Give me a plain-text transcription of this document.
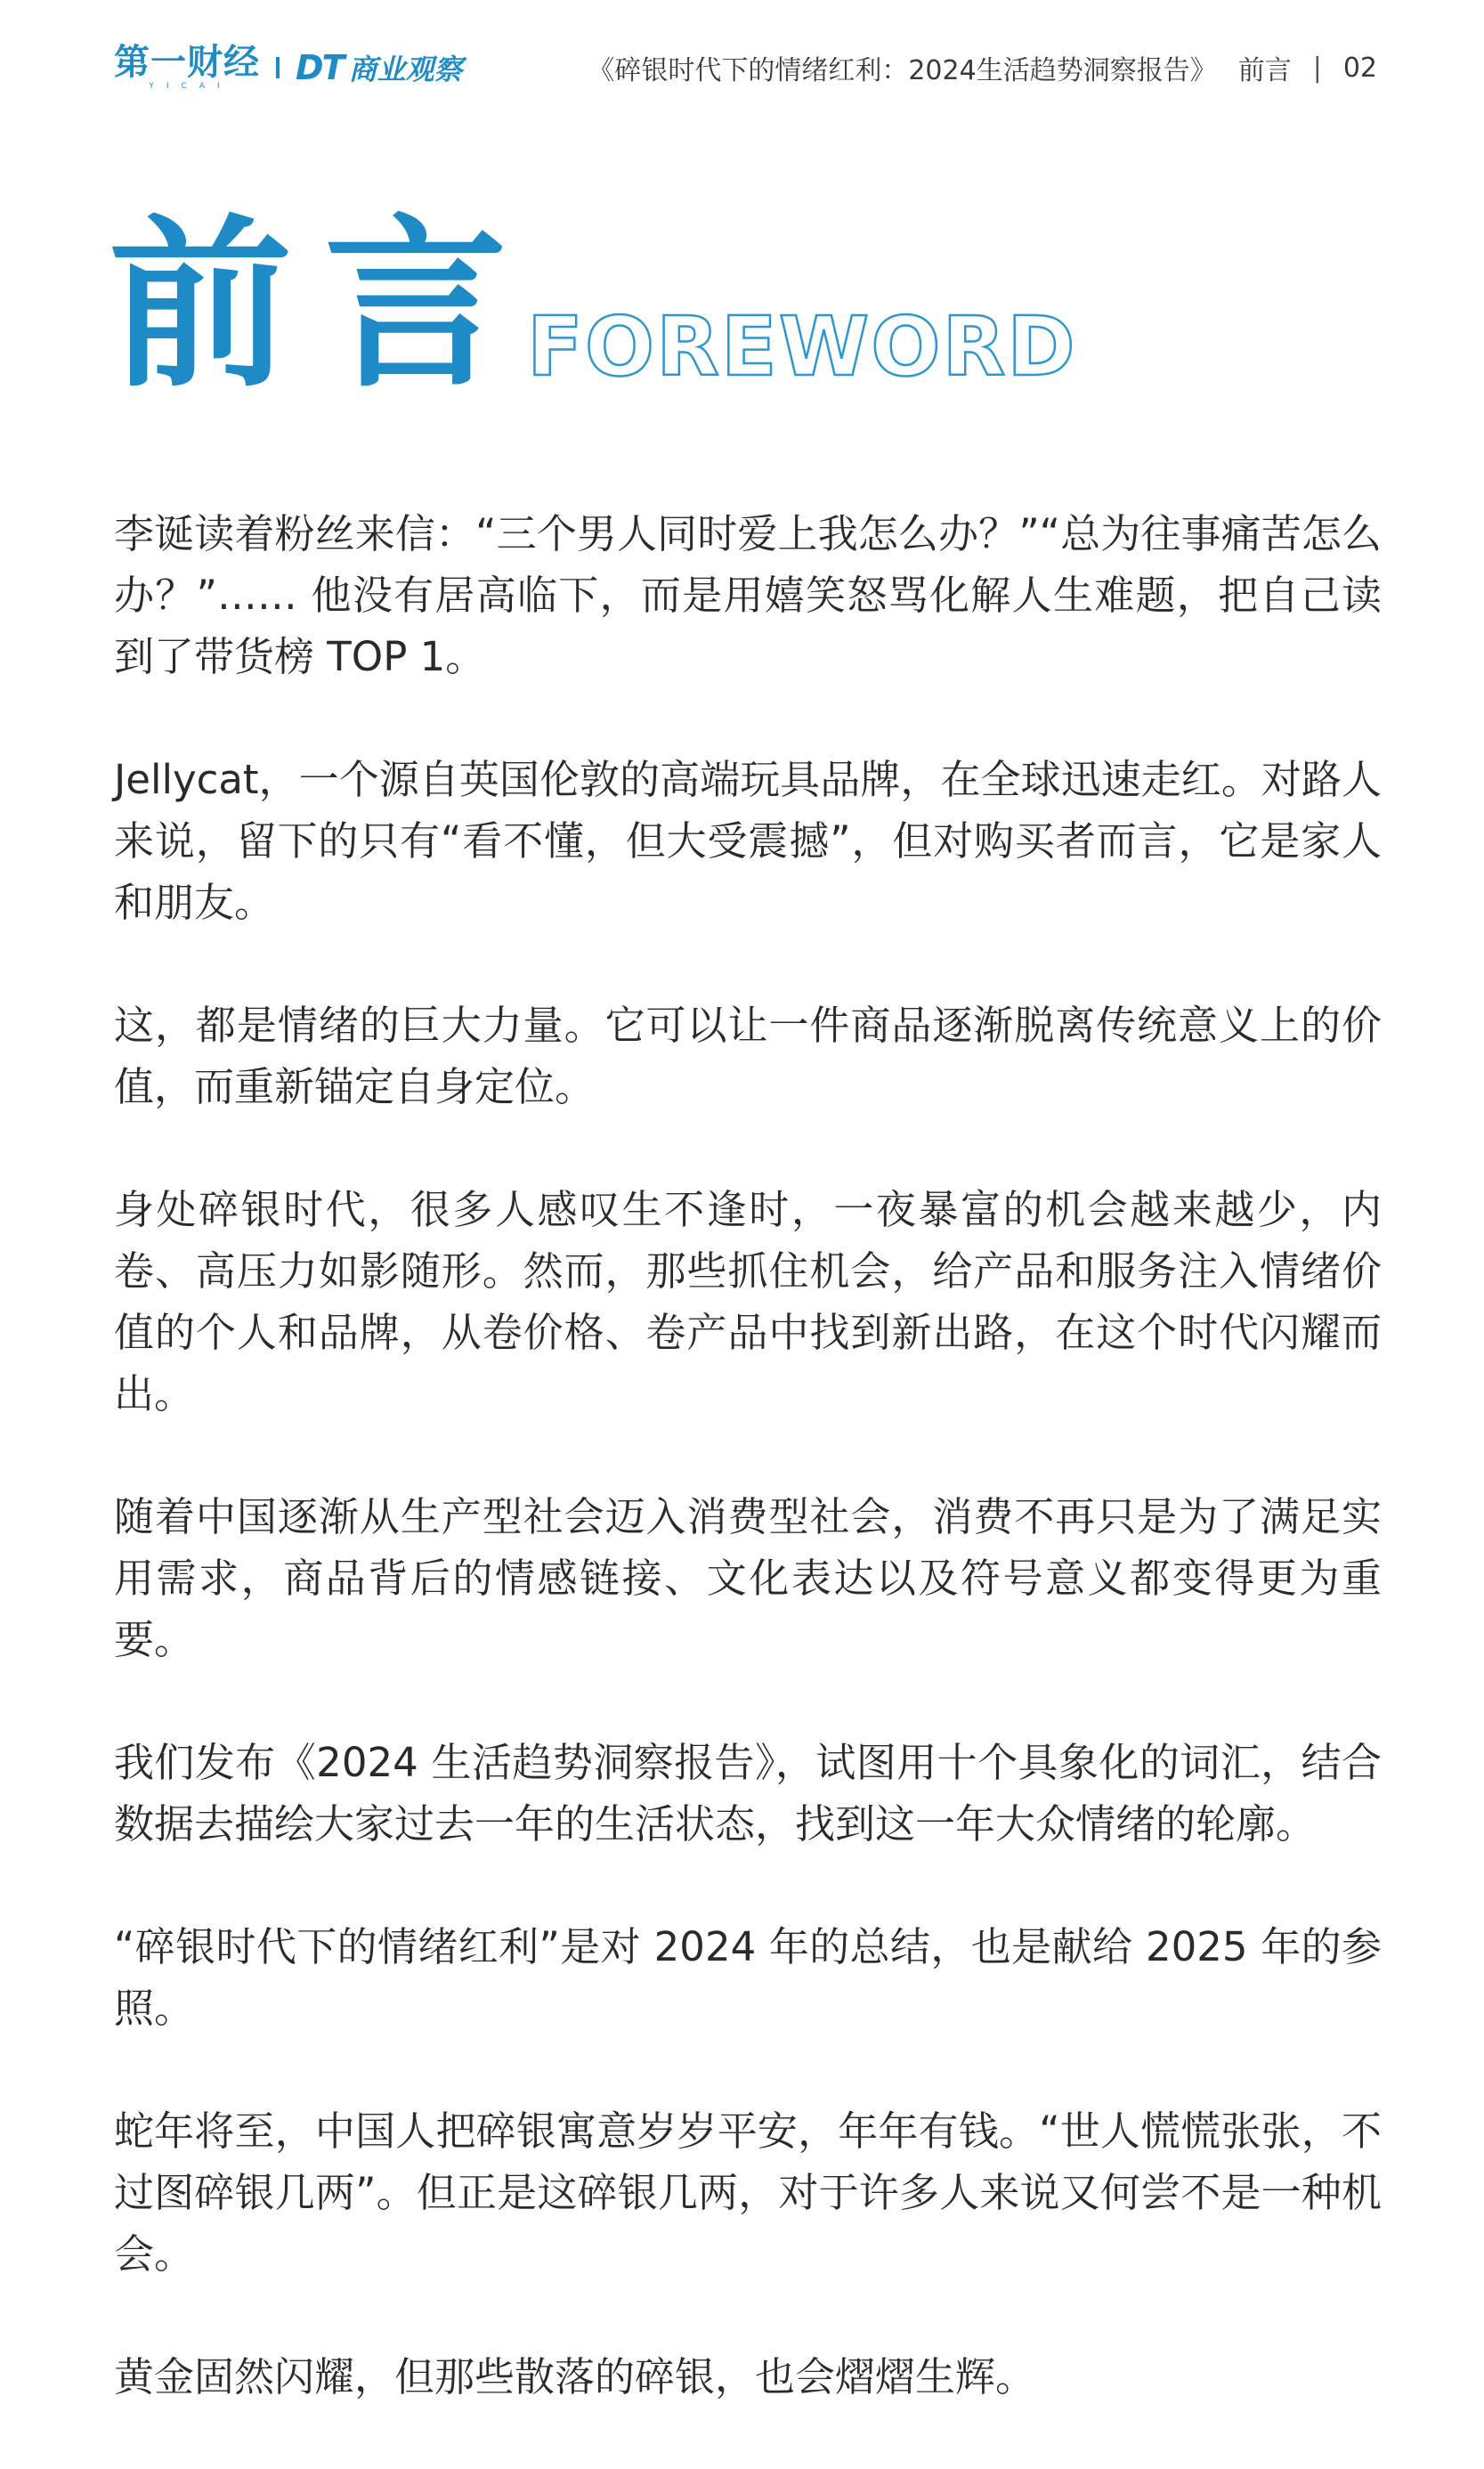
第一财经
YICAI DT 商业观察	《碎银时代下的情绪红利：2024生活趋势洞察报告》 前言 | 02
前言
FOREWORD

李诞读着粉丝来信：“三个男人同时爱上我怎么办？”“总为往事痛苦怎么办？”…… 他没有居高临下，而是用嬉笑怒骂化解人生难题，把自己读到了带货榜 TOP 1。

Jellycat，一个源自英国伦敦的高端玩具品牌，在全球迅速走红。对路人来说，留下的只有“看不懂，但大受震撼”，但对购买者而言，它是家人和朋友。

这，都是情绪的巨大力量。它可以让一件商品逐渐脱离传统意义上的价值，而重新锚定自身定位。

身处碎银时代，很多人感叹生不逢时，一夜暴富的机会越来越少，内卷、高压力如影随形。然而，那些抓住机会，给产品和服务注入情绪价值的个人和品牌，从卷价格、卷产品中找到新出路，在这个时代闪耀而出。

随着中国逐渐从生产型社会迈入消费型社会，消费不再只是为了满足实用需求，商品背后的情感链接、文化表达以及符号意义都变得更为重要。

我们发布《2024 生活趋势洞察报告》，试图用十个具象化的词汇，结合数据去描绘大家过去一年的生活状态，找到这一年大众情绪的轮廓。

“碎银时代下的情绪红利”是对 2024 年的总结，也是献给 2025 年的参照。

蛇年将至，中国人把碎银寓意岁岁平安，年年有钱。“世人慌慌张张，不过图碎银几两”。但正是这碎银几两，对于许多人来说又何尝不是一种机会。

黄金固然闪耀，但那些散落的碎银，也会熠熠生辉。
